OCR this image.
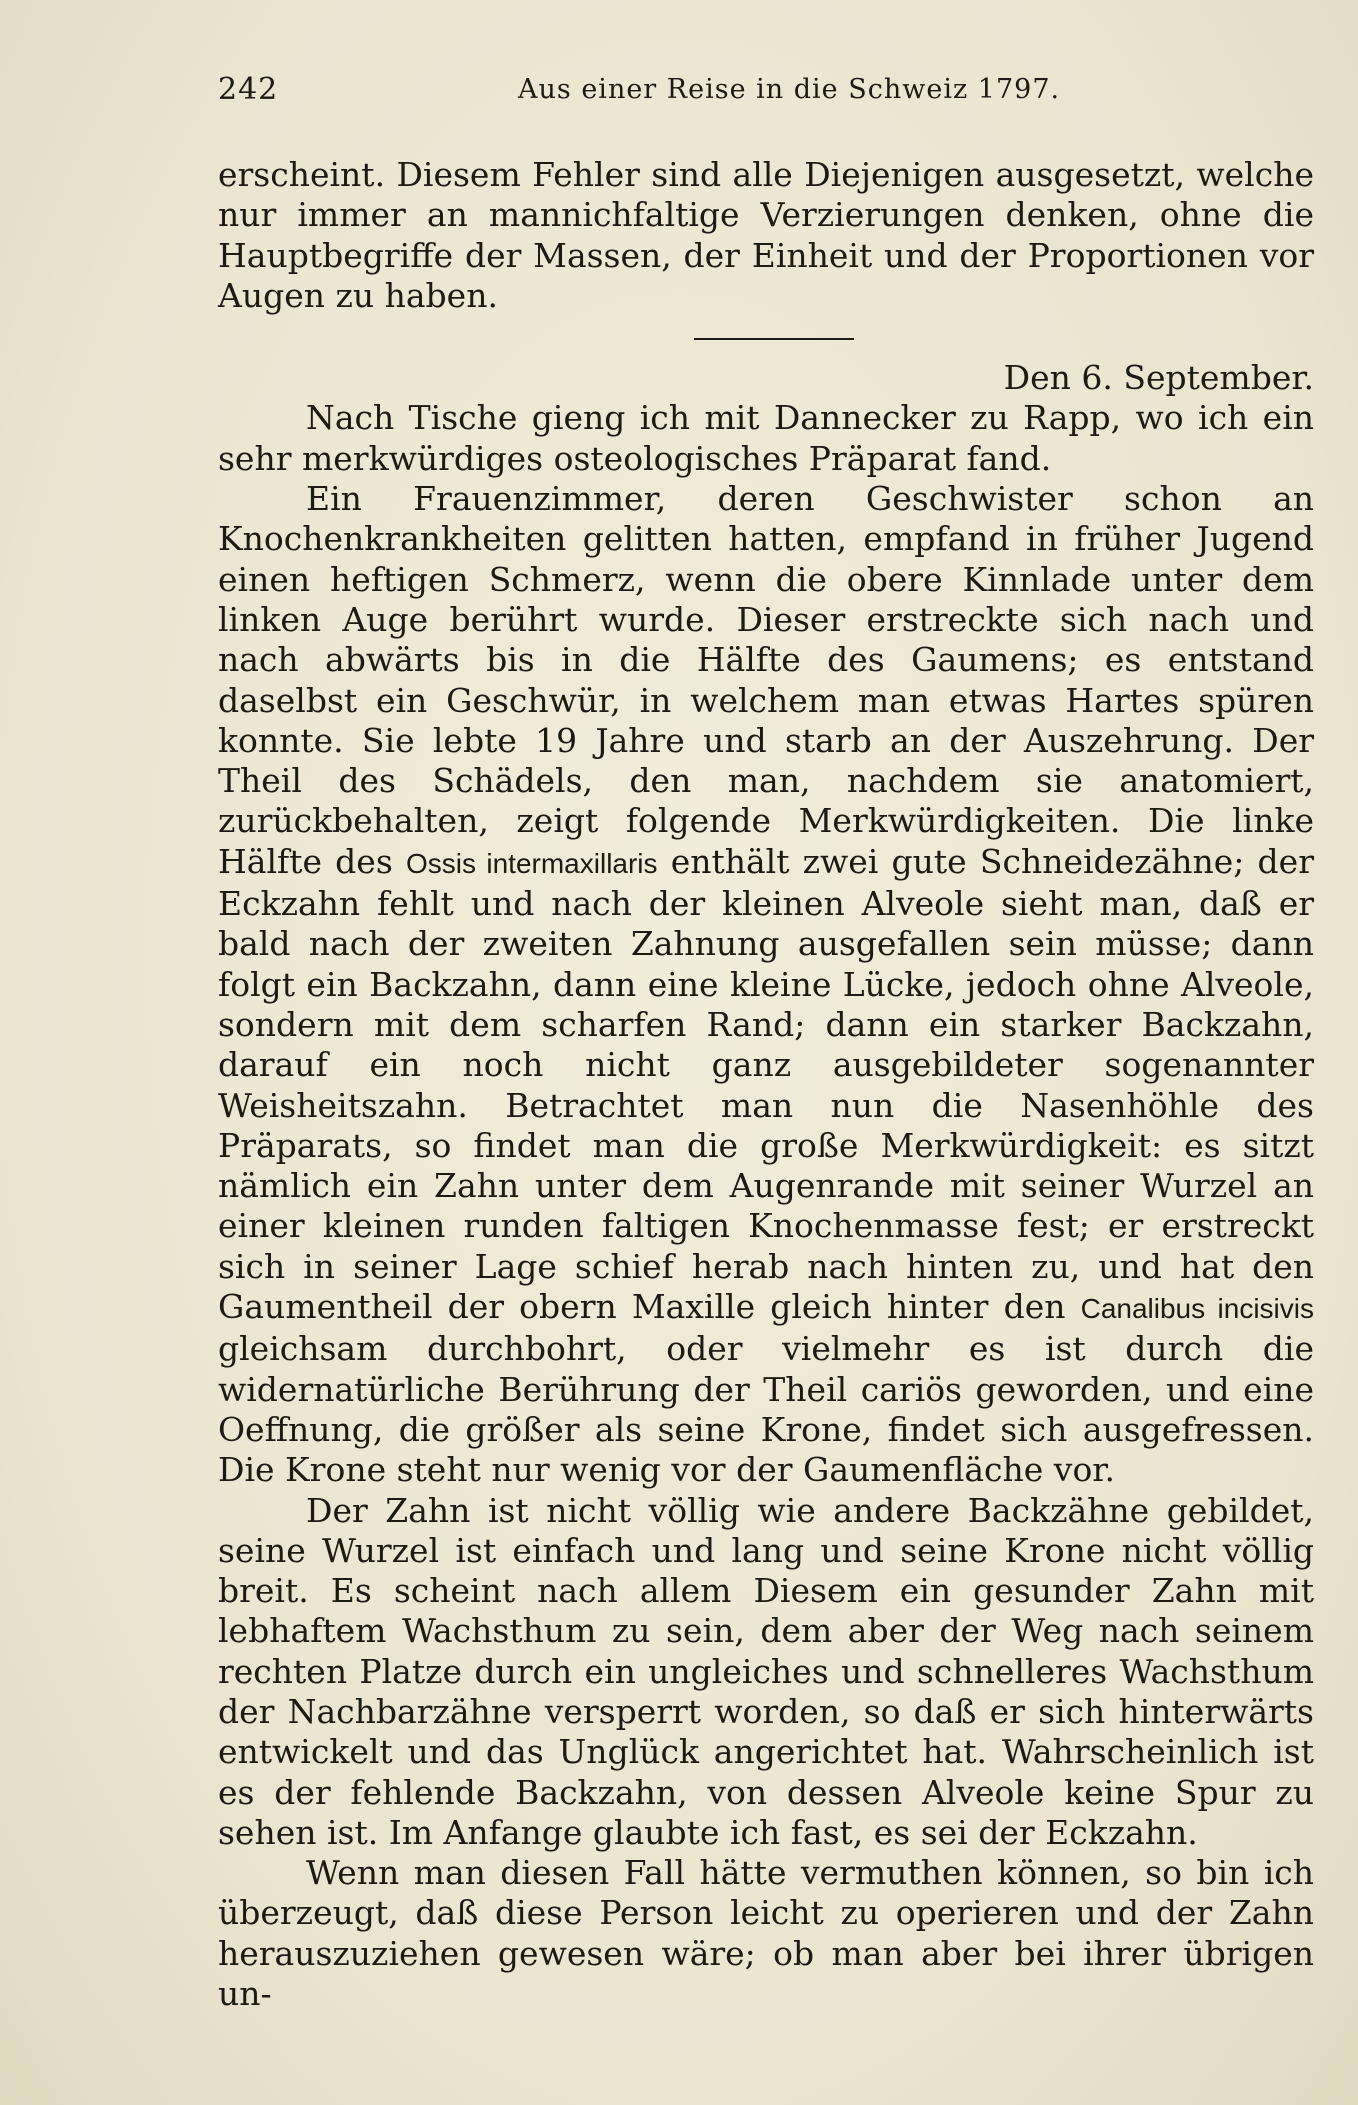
242	Aus einer Reise in die Schweiz 1797.

erscheint. Diesem Fehler sind alle Diejenigen ausgesetzt, welche nur immer an mannichfaltige Verzierungen denken, ohne die Hauptbegriffe der Massen, der Einheit und der Proportionen vor Augen zu haben.

Den 6. September.

Nach Tische gieng ich mit Dannecker zu Rapp, wo ich ein sehr merkwürdiges osteologisches Präparat fand.

Ein Frauenzimmer, deren Geschwister schon an Knochenkrankheiten gelitten hatten, empfand in früher Jugend einen heftigen Schmerz, wenn die obere Kinnlade unter dem linken Auge berührt wurde. Dieser erstreckte sich nach und nach abwärts bis in die Hälfte des Gaumens; es entstand daselbst ein Geschwür, in welchem man etwas Hartes spüren konnte. Sie lebte 19 Jahre und starb an der Auszehrung. Der Theil des Schädels, den man, nachdem sie anatomiert, zurückbehalten, zeigt folgende Merkwürdigkeiten. Die linke Hälfte des Ossis intermaxillaris enthält zwei gute Schneidezähne; der Eckzahn fehlt und nach der kleinen Alveole sieht man, daß er bald nach der zweiten Zahnung ausgefallen sein müsse; dann folgt ein Backzahn, dann eine kleine Lücke, jedoch ohne Alveole, sondern mit dem scharfen Rand; dann ein starker Backzahn, darauf ein noch nicht ganz ausgebildeter sogenannter Weisheitszahn. Betrachtet man nun die Nasenhöhle des Präparats, so findet man die große Merkwürdigkeit: es sitzt nämlich ein Zahn unter dem Augenrande mit seiner Wurzel an einer kleinen runden faltigen Knochenmasse fest; er erstreckt sich in seiner Lage schief herab nach hinten zu, und hat den Gaumentheil der obern Maxille gleich hinter den Canalibus incisivis gleichsam durchbohrt, oder vielmehr es ist durch die widernatürliche Berührung der Theil cariös geworden, und eine Oeffnung, die größer als seine Krone, findet sich ausgefressen. Die Krone steht nur wenig vor der Gaumenfläche vor.

Der Zahn ist nicht völlig wie andere Backzähne gebildet, seine Wurzel ist einfach und lang und seine Krone nicht völlig breit. Es scheint nach allem Diesem ein gesunder Zahn mit lebhaftem Wachsthum zu sein, dem aber der Weg nach seinem rechten Platze durch ein ungleiches und schnelleres Wachsthum der Nachbarzähne versperrt worden, so daß er sich hinterwärts entwickelt und das Unglück angerichtet hat. Wahrscheinlich ist es der fehlende Backzahn, von dessen Alveole keine Spur zu sehen ist. Im Anfange glaubte ich fast, es sei der Eckzahn.

Wenn man diesen Fall hätte vermuthen können, so bin ich überzeugt, daß diese Person leicht zu operieren und der Zahn herauszuziehen gewesen wäre; ob man aber bei ihrer übrigen un-
